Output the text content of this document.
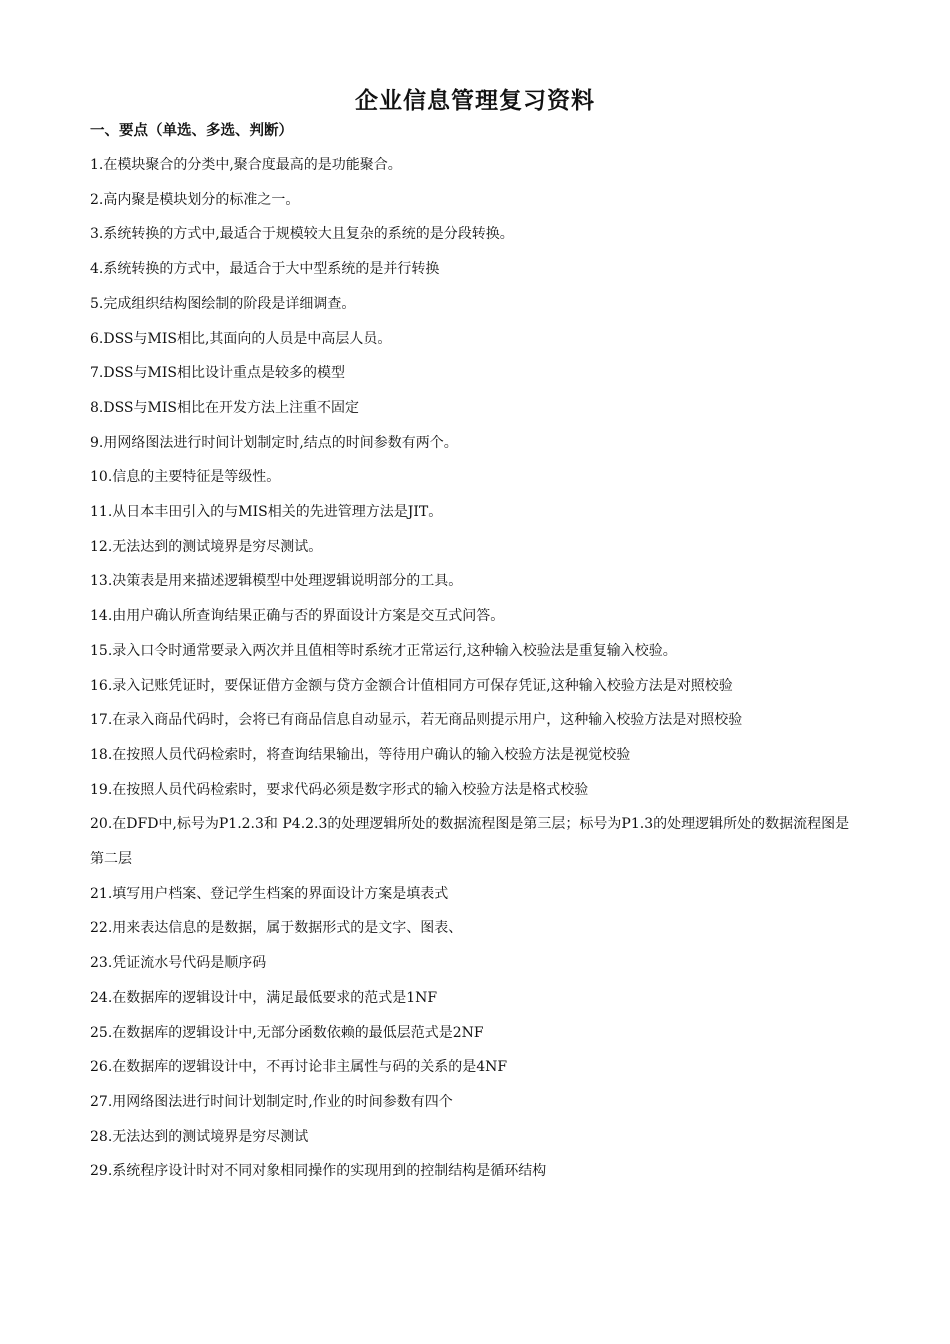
企业信息管理复习资料
一、要点（单选、多选、判断）
1.在模块聚合的分类中,聚合度最高的是功能聚合。
2.高内聚是模块划分的标准之一。
3.系统转换的方式中,最适合于规模较大且复杂的系统的是分段转换。
4.系统转换的方式中，最适合于大中型系统的是并行转换
5.完成组织结构图绘制的阶段是详细调查。
6.DSS与MIS相比,其面向的人员是中高层人员。
7.DSS与MIS相比设计重点是较多的模型
8.DSS与MIS相比在开发方法上注重不固定
9.用网络图法进行时间计划制定时,结点的时间参数有两个。
10.信息的主要特征是等级性。
11.从日本丰田引入的与MIS相关的先进管理方法是JIT。
12.无法达到的测试境界是穷尽测试。
13.决策表是用来描述逻辑模型中处理逻辑说明部分的工具。
14.由用户确认所查询结果正确与否的界面设计方案是交互式问答。
15.录入口令时通常要录入两次并且值相等时系统才正常运行,这种输入校验法是重复输入校验。
16.录入记账凭证时，要保证借方金额与贷方金额合计值相同方可保存凭证,这种输入校验方法是对照校验
17.在录入商品代码时，会将已有商品信息自动显示，若无商品则提示用户，这种输入校验方法是对照校验
18.在按照人员代码检索时，将查询结果输出，等待用户确认的输入校验方法是视觉校验
19.在按照人员代码检索时，要求代码必须是数字形式的输入校验方法是格式校验
20.在DFD中,标号为P1.2.3和 P4.2.3的处理逻辑所处的数据流程图是第三层；标号为P1.3的处理逻辑所处的数据流程图是第二层
21.填写用户档案、登记学生档案的界面设计方案是填表式
22.用来表达信息的是数据，属于数据形式的是文字、图表、
23.凭证流水号代码是顺序码
24.在数据库的逻辑设计中，满足最低要求的范式是1NF
25.在数据库的逻辑设计中,无部分函数依赖的最低层范式是2NF
26.在数据库的逻辑设计中，不再讨论非主属性与码的关系的是4NF
27.用网络图法进行时间计划制定时,作业的时间参数有四个
28.无法达到的测试境界是穷尽测试
29.系统程序设计时对不同对象相同操作的实现用到的控制结构是循环结构
